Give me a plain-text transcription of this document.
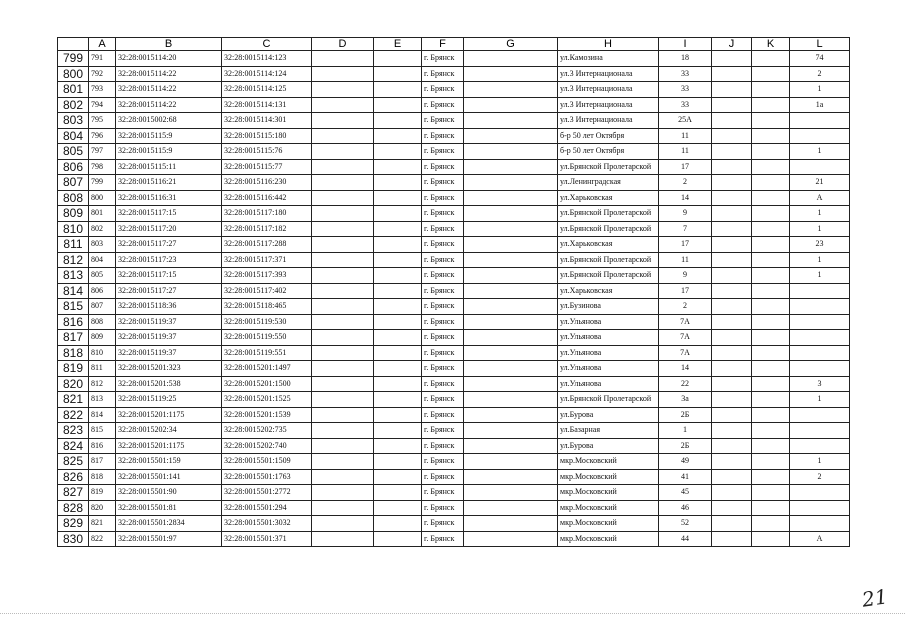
	A	B	C	D	E	F	G	H	I	J	K	L
799	791	32:28:0015114:20	32:28:0015114:123			г. Брянск		ул.Камозина	18			74
800	792	32:28:0015114:22	32:28:0015114:124			г. Брянск		ул.3 Интернационала	33			2
801	793	32:28:0015114:22	32:28:0015114:125			г. Брянск		ул.3 Интернационала	33			1
802	794	32:28:0015114:22	32:28:0015114:131			г. Брянск		ул.3 Интернационала	33			1а
803	795	32:28:0015002:68	32:28:0015114:301			г. Брянск		ул.3 Интернационала	25А			
804	796	32:28:0015115:9	32:28:0015115:180			г. Брянск		б-р 50 лет Октября	11			
805	797	32:28:0015115:9	32:28:0015115:76			г. Брянск		б-р 50 лет Октября	11			1
806	798	32:28:0015115:11	32:28:0015115:77			г. Брянск		ул.Брянской Пролетарской	17			
807	799	32:28:0015116:21	32:28:0015116:230			г. Брянск		ул.Ленинградская	2			21
808	800	32:28:0015116:31	32:28:0015116:442			г. Брянск		ул.Харьковская	14			А
809	801	32:28:0015117:15	32:28:0015117:180			г. Брянск		ул.Брянской Пролетарской	9			1
810	802	32:28:0015117:20	32:28:0015117:182			г. Брянск		ул.Брянской Пролетарской	7			1
811	803	32:28:0015117:27	32:28:0015117:288			г. Брянск		ул.Харьковская	17			23
812	804	32:28:0015117:23	32:28:0015117:371			г. Брянск		ул.Брянской Пролетарской	11			1
813	805	32:28:0015117:15	32:28:0015117:393			г. Брянск		ул.Брянской Пролетарской	9			1
814	806	32:28:0015117:27	32:28:0015117:402			г. Брянск		ул.Харьковская	17			
815	807	32:28:0015118:36	32:28:0015118:465			г. Брянск		ул.Бузинова	2			
816	808	32:28:0015119:37	32:28:0015119:530			г. Брянск		ул.Ульянова	7А			
817	809	32:28:0015119:37	32:28:0015119:550			г. Брянск		ул.Ульянова	7А			
818	810	32:28:0015119:37	32:28:0015119:551			г. Брянск		ул.Ульянова	7А			
819	811	32:28:0015201:323	32:28:0015201:1497			г. Брянск		ул.Ульянова	14			
820	812	32:28:0015201:538	32:28:0015201:1500			г. Брянск		ул.Ульянова	22			3
821	813	32:28:0015119:25	32:28:0015201:1525			г. Брянск		ул.Брянской Пролетарской	3а			1
822	814	32:28:0015201:1175	32:28:0015201:1539			г. Брянск		ул.Бурова	2Б			
823	815	32:28:0015202:34	32:28:0015202:735			г. Брянск		ул.Базарная	1			
824	816	32:28:0015201:1175	32:28:0015202:740			г. Брянск		ул.Бурова	2Б			
825	817	32:28:0015501:159	32:28:0015501:1509			г. Брянск		мкр.Московский	49			1
826	818	32:28:0015501:141	32:28:0015501:1763			г. Брянск		мкр.Московский	41			2
827	819	32:28:0015501:90	32:28:0015501:2772			г. Брянск		мкр.Московский	45			
828	820	32:28:0015501:81	32:28:0015501:294			г. Брянск		мкр.Московский	46			
829	821	32:28:0015501:2834	32:28:0015501:3032			г. Брянск		мкр.Московский	52			
830	822	32:28:0015501:97	32:28:0015501:371			г. Брянск		мкр.Московский	44			А
21
